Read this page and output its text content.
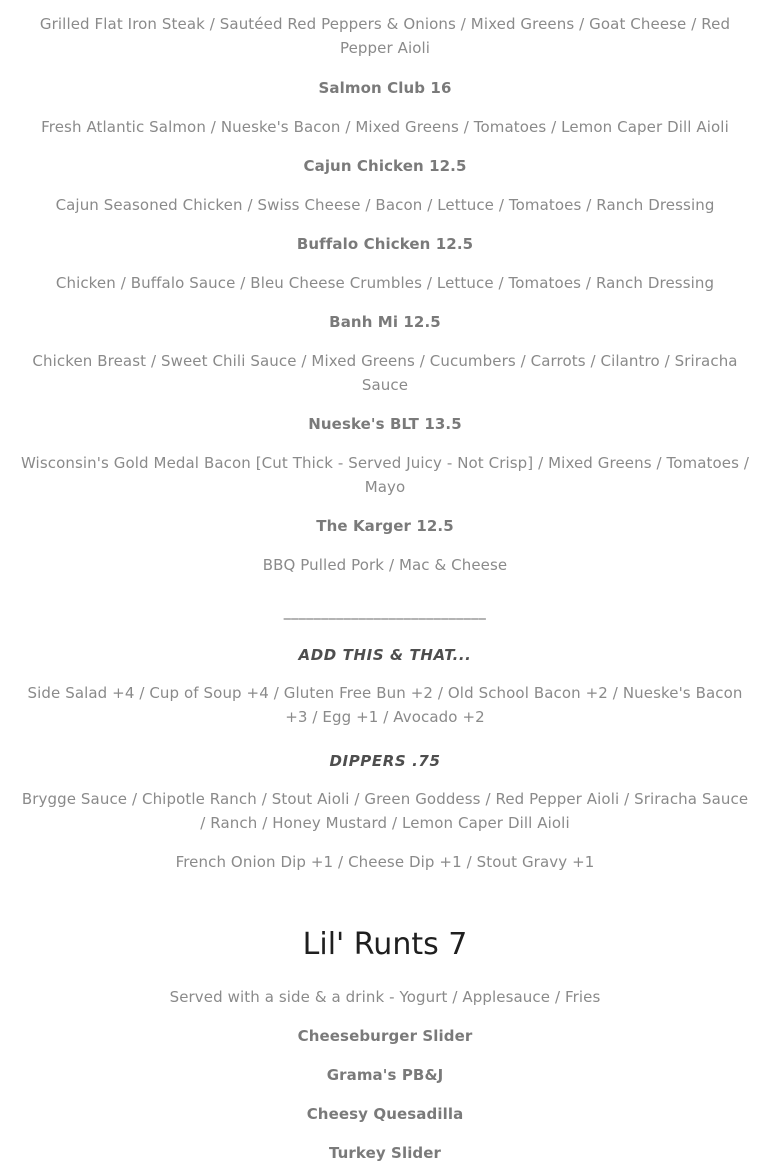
Grilled Flat Iron Steak / Sautéed Red Peppers & Onions / Mixed Greens / Goat Cheese / Red Pepper Aioli

Salmon Club 16

Fresh Atlantic Salmon / Nueske's Bacon / Mixed Greens / Tomatoes / Lemon Caper Dill Aioli

Cajun Chicken 12.5

Cajun Seasoned Chicken / Swiss Cheese / Bacon / Lettuce / Tomatoes / Ranch Dressing

Buffalo Chicken 12.5

Chicken / Buffalo Sauce / Bleu Cheese Crumbles / Lettuce / Tomatoes / Ranch Dressing

Banh Mi 12.5

Chicken Breast / Sweet Chili Sauce / Mixed Greens / Cucumbers / Carrots / Cilantro / Sriracha Sauce

Nueske's BLT 13.5

Wisconsin's Gold Medal Bacon [Cut Thick - Served Juicy - Not Crisp] / Mixed Greens / Tomatoes / Mayo

The Karger 12.5

BBQ Pulled Pork / Mac & Cheese

___________________________

ADD THIS & THAT...

Side Salad +4 / Cup of Soup +4 / Gluten Free Bun +2 / Old School Bacon +2 / Nueske's Bacon +3 / Egg +1 / Avocado +2

DIPPERS .75

Brygge Sauce / Chipotle Ranch / Stout Aioli / Green Goddess / Red Pepper Aioli / Sriracha Sauce / Ranch / Honey Mustard / Lemon Caper Dill Aioli

French Onion Dip +1 / Cheese Dip +1 / Stout Gravy +1

Lil' Runts 7

Served with a side & a drink - Yogurt / Applesauce / Fries

Cheeseburger Slider

Grama's PB&J

Cheesy Quesadilla

Turkey Slider
